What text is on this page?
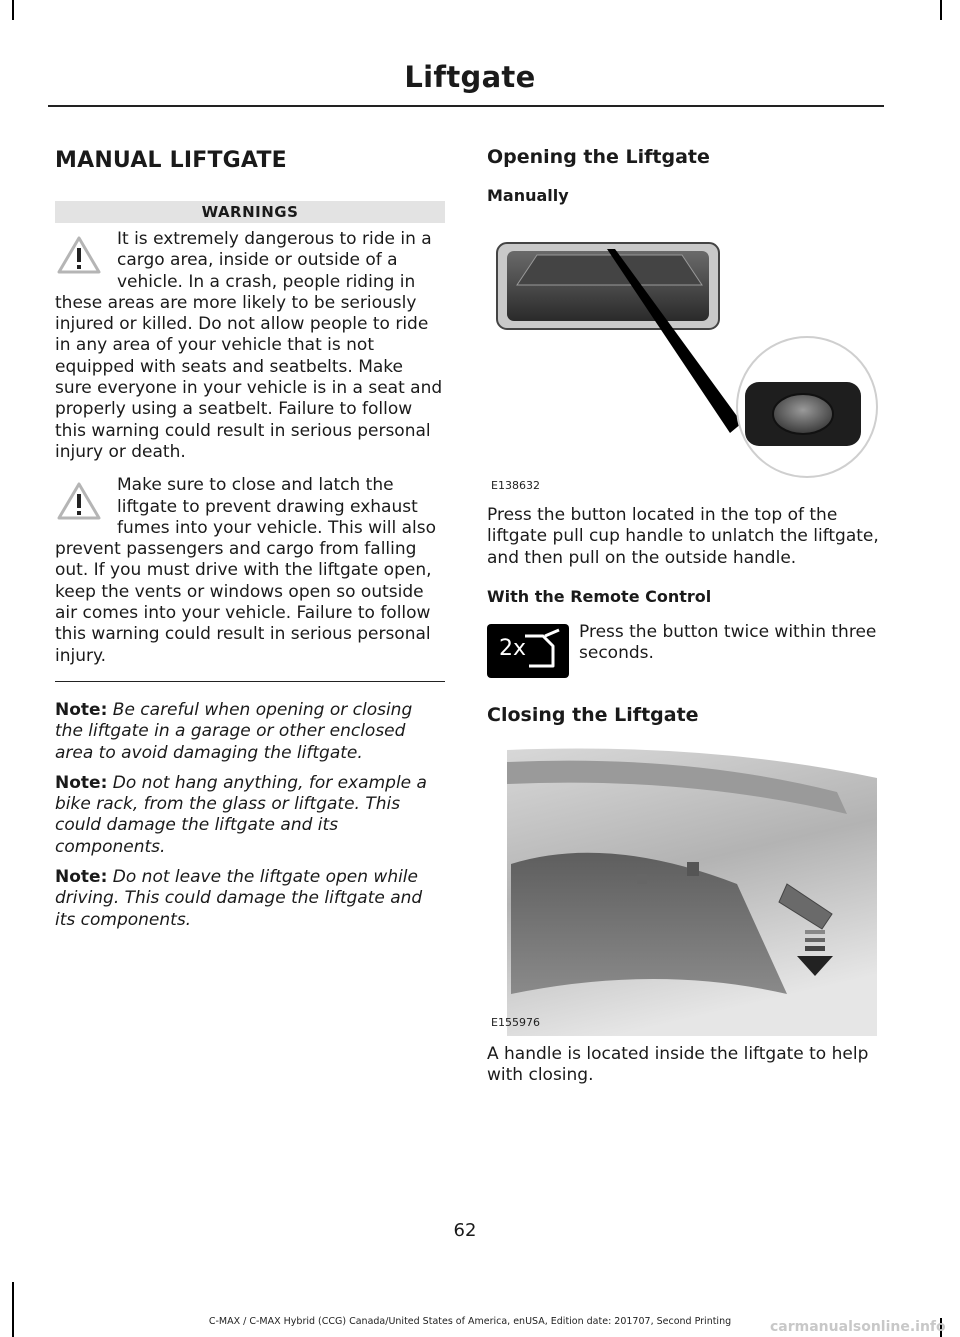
Liftgate
MANUAL LIFTGATE
WARNINGS
It is extremely dangerous to ride in a cargo area, inside or outside of a vehicle. In a crash, people riding in these areas are more likely to be seriously injured or killed. Do not allow people to ride in any area of your vehicle that is not equipped with seats and seatbelts. Make sure everyone in your vehicle is in a seat and properly using a seatbelt. Failure to follow this warning could result in serious personal injury or death.
Make sure to close and latch the liftgate to prevent drawing exhaust fumes into your vehicle. This will also prevent passengers and cargo from falling out. If you must drive with the liftgate open, keep the vents or windows open so outside air comes into your vehicle. Failure to follow this warning could result in serious personal injury.
Note: Be careful when opening or closing the liftgate in a garage or other enclosed area to avoid damaging the liftgate.
Note: Do not hang anything, for example a bike rack, from the glass or liftgate. This could damage the liftgate and its components.
Note: Do not leave the liftgate open while driving. This could damage the liftgate and its components.
Opening the Liftgate
Manually
E138632

Press the button located in the top of the liftgate pull cup handle to unlatch the liftgate, and then pull on the outside handle.

With the Remote Control
2x
Press the button twice within three seconds.
Closing the Liftgate
E155976

A handle is located inside the liftgate to help with closing.

62
C-MAX / C-MAX Hybrid (CCG) Canada/United States of America, enUSA, Edition date: 201707, Second Printing	carmanualsonline.info
